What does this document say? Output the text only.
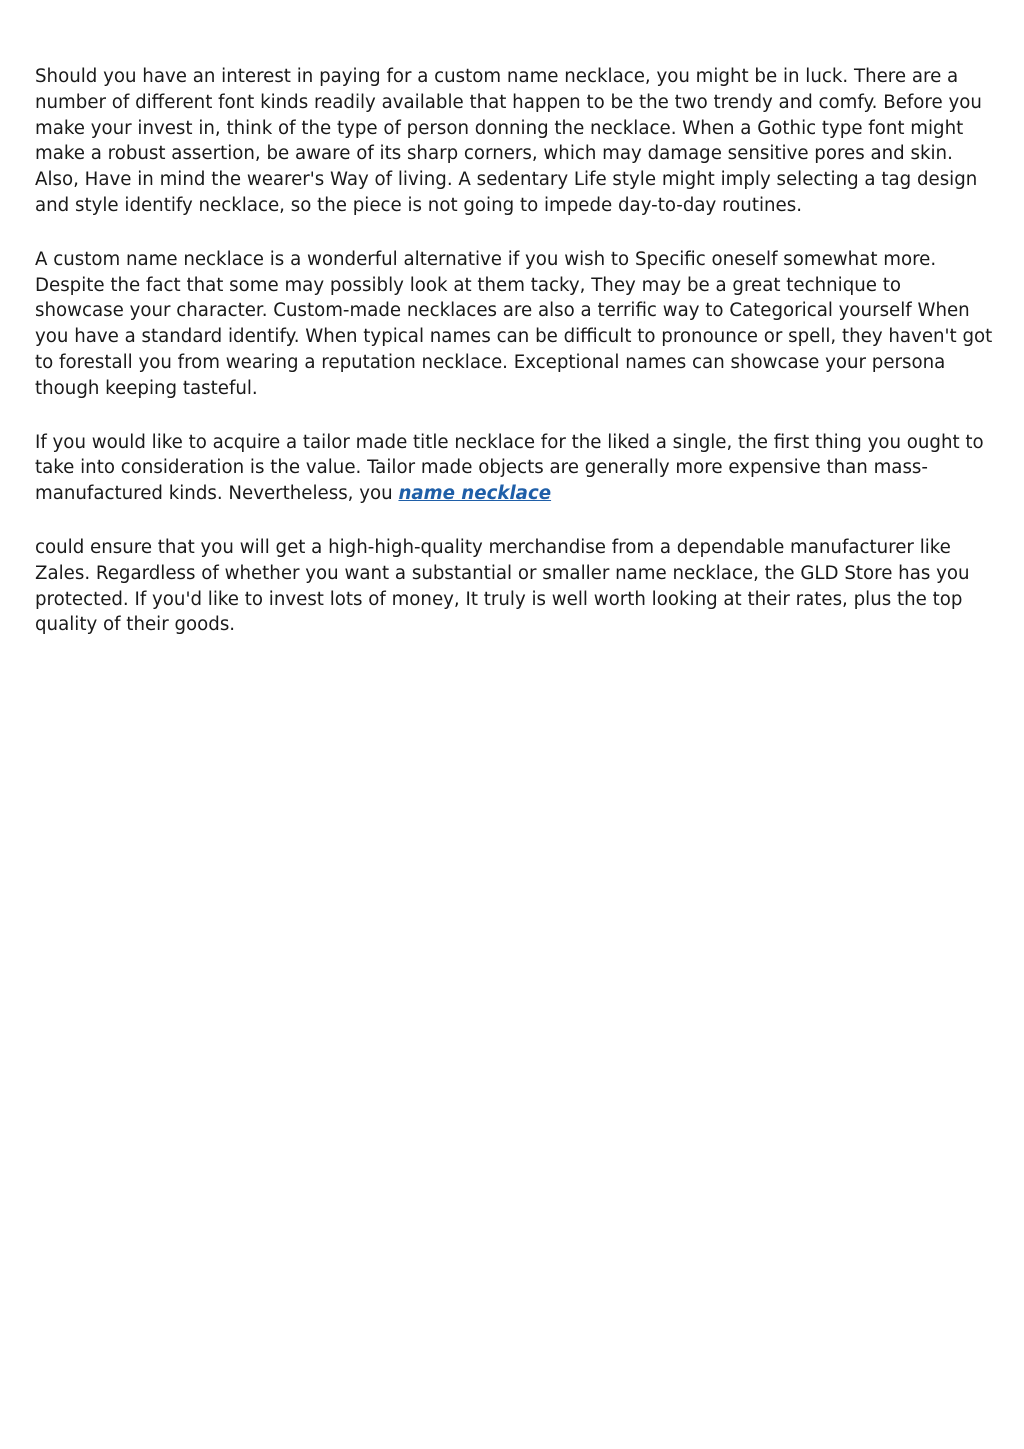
Should you have an interest in paying for a custom name necklace, you might be in luck. There are a number of different font kinds readily available that happen to be the two trendy and comfy. Before you make your invest in, think of the type of person donning the necklace. When a Gothic type font might make a robust assertion, be aware of its sharp corners, which may damage sensitive pores and skin. Also, Have in mind the wearer's Way of living. A sedentary Life style might imply selecting a tag design and style identify necklace, so the piece is not going to impede day-to-day routines.

A custom name necklace is a wonderful alternative if you wish to Specific oneself somewhat more. Despite the fact that some may possibly look at them tacky, They may be a great technique to showcase your character. Custom-made necklaces are also a terrific way to Categorical yourself When you have a standard identify. When typical names can be difficult to pronounce or spell, they haven't got to forestall you from wearing a reputation necklace. Exceptional names can showcase your persona though keeping tasteful.

If you would like to acquire a tailor made title necklace for the liked a single, the first thing you ought to take into consideration is the value. Tailor made objects are generally more expensive than mass-manufactured kinds. Nevertheless, you name necklace

could ensure that you will get a high-high-quality merchandise from a dependable manufacturer like Zales. Regardless of whether you want a substantial or smaller name necklace, the GLD Store has you protected. If you'd like to invest lots of money, It truly is well worth looking at their rates, plus the top quality of their goods.
